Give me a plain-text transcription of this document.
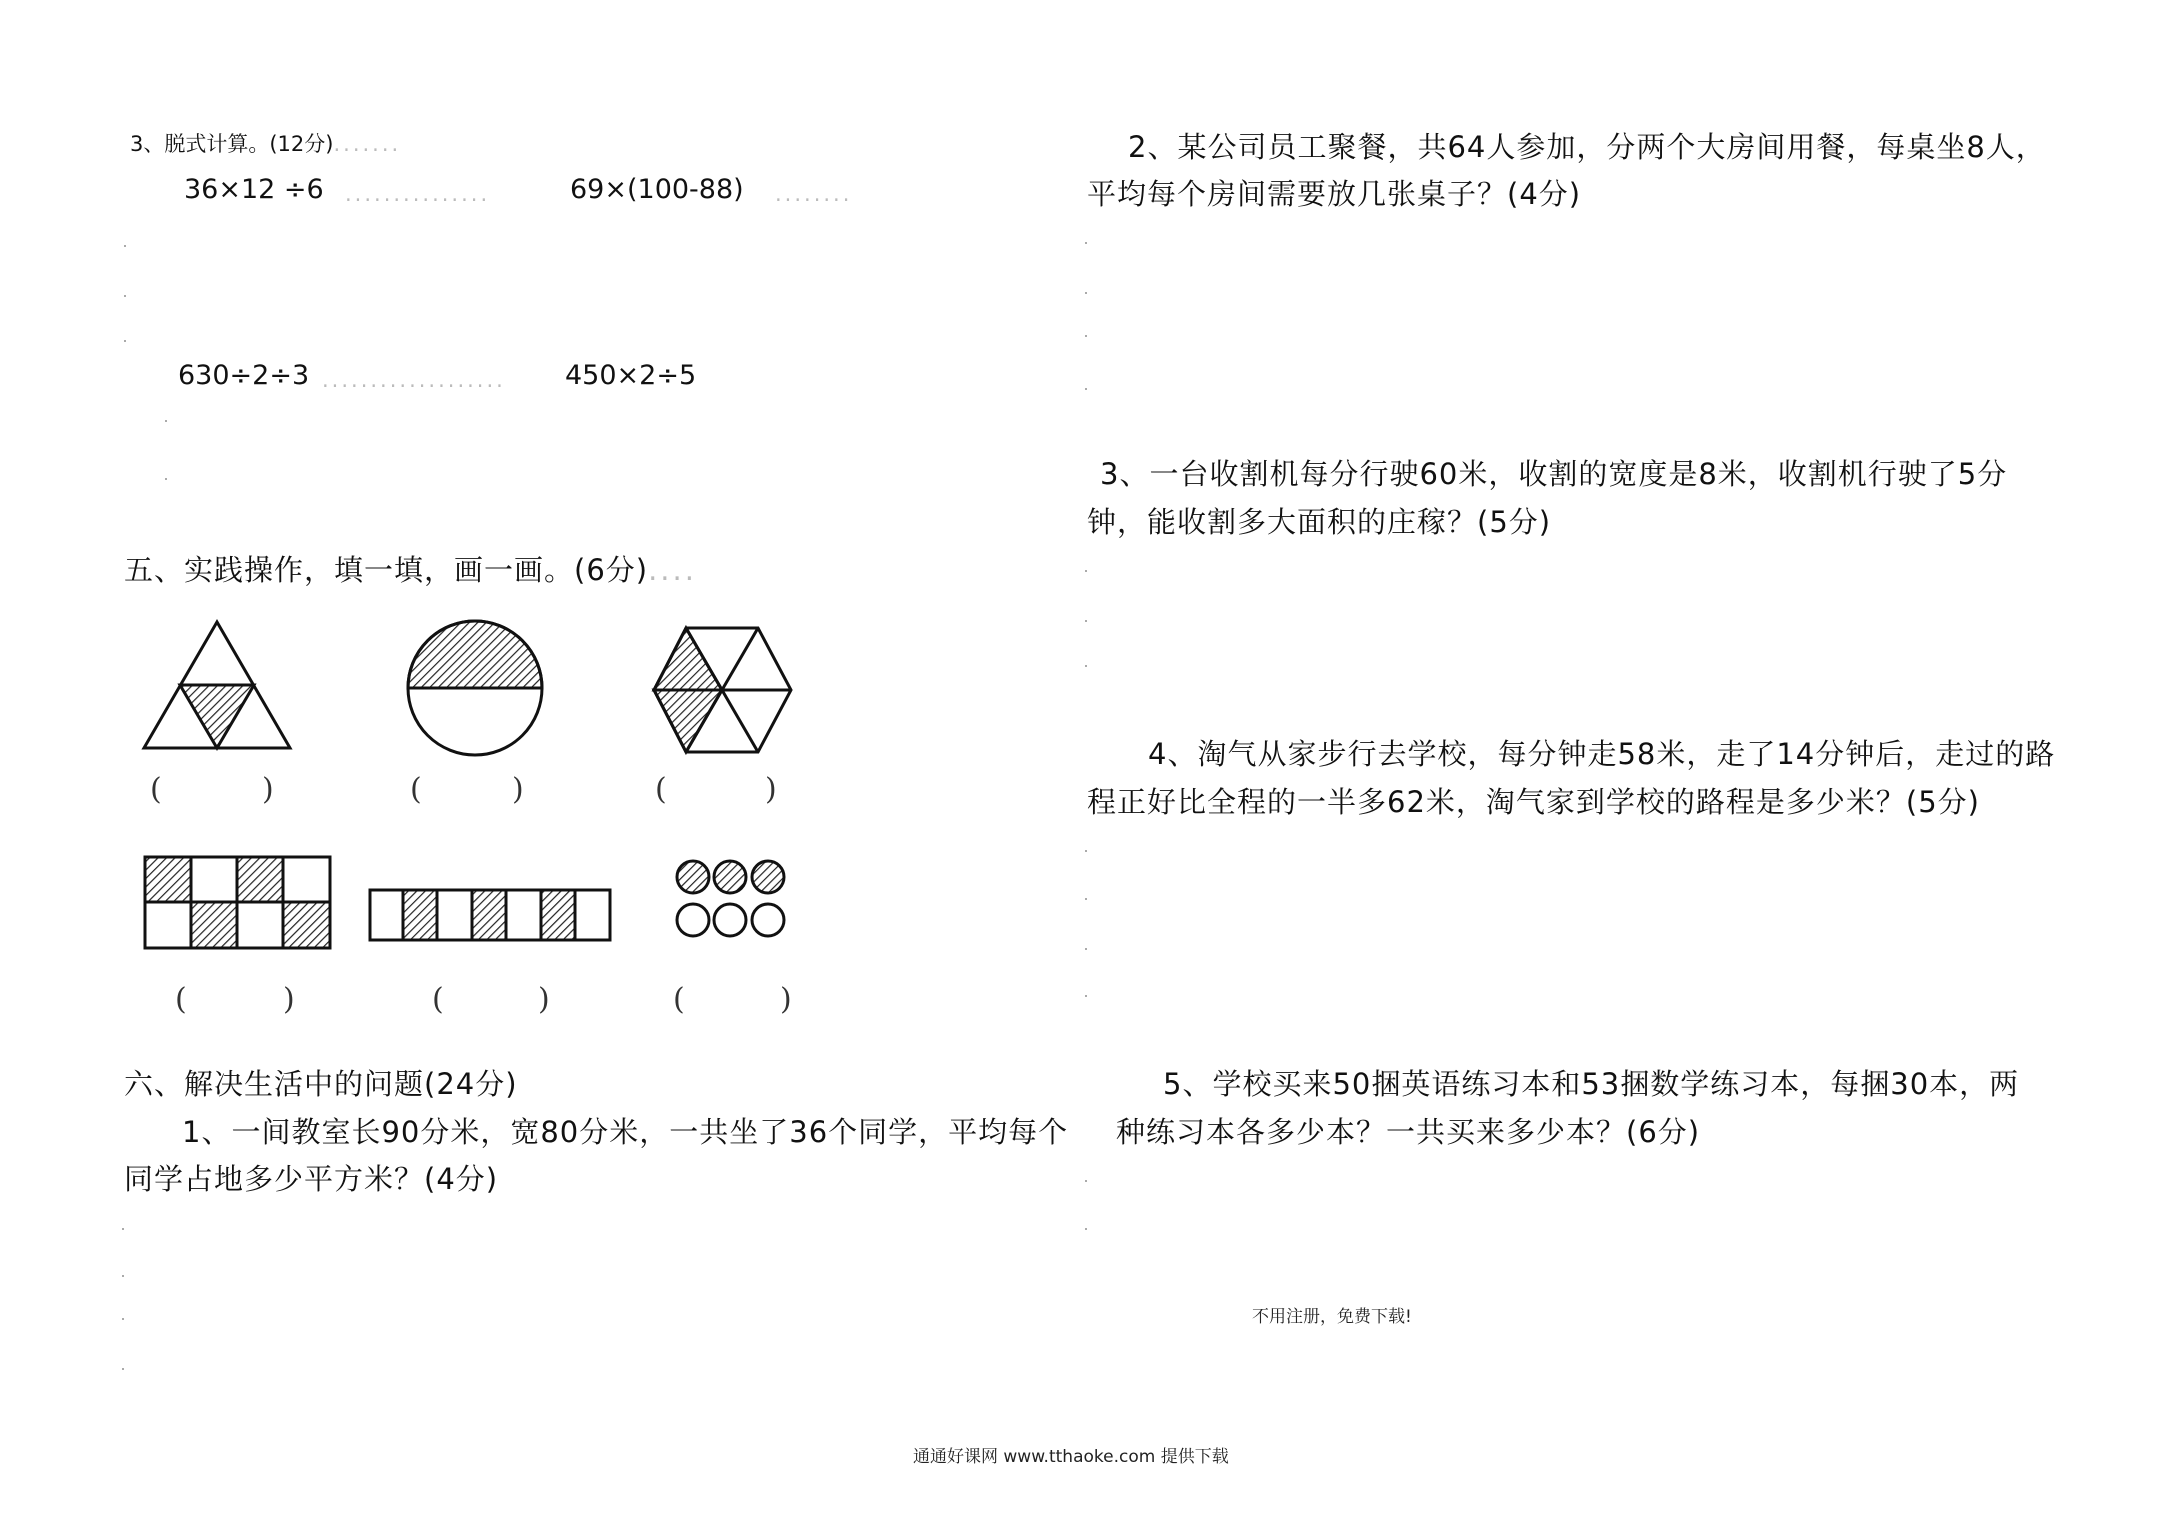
3、脱式计算。(12分).......
36×12 ÷6 ...............	69×(100-88) ........
630÷2÷3 ................... 450×2÷5
五、实践操作，填一填，画一画。(6分)....
(	)	(	)	(	)
(	)	(	)	(	)
六、解决生活中的问题(24分)
1、一间教室长90分米，宽80分米，一共坐了36个同学，平均每个
同学占地多少平方米？(4分)
2、某公司员工聚餐，共64人参加，分两个大房间用餐，每桌坐8人，
平均每个房间需要放几张桌子？(4分)
3、一台收割机每分行驶60米，收割的宽度是8米，收割机行驶了5分
钟，能收割多大面积的庄稼？(5分)
4、淘气从家步行去学校，每分钟走58米，走了14分钟后，走过的路
程正好比全程的一半多62米，淘气家到学校的路程是多少米？(5分)
5、学校买来50捆英语练习本和53捆数学练习本，每捆30本，两
种练习本各多少本？一共买来多少本？(6分)
不用注册，免费下载!
通通好课网 www.tthaoke.com 提供下载
